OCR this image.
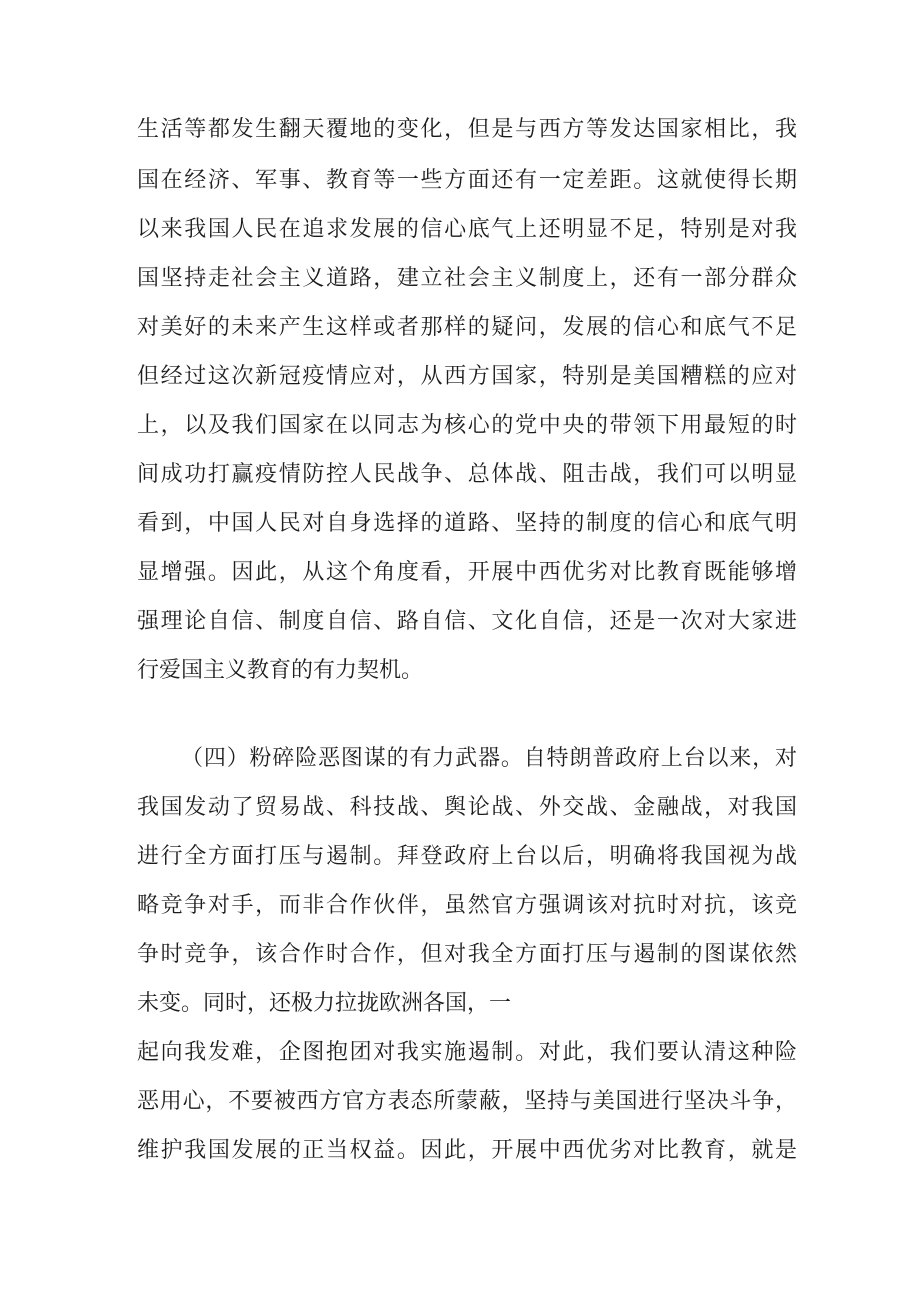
生活等都发生翻天覆地的变化，但是与西方等发达国家相比，我
国在经济、军事、教育等一些方面还有一定差距。这就使得长期
以来我国人民在追求发展的信心底气上还明显不足，特别是对我
国坚持走社会主义道路，建立社会主义制度上，还有一部分群众
对美好的未来产生这样或者那样的疑问，发展的信心和底气不足
但经过这次新冠疫情应对，从西方国家，特别是美国糟糕的应对
上，以及我们国家在以同志为核心的党中央的带领下用最短的时
间成功打赢疫情防控人民战争、总体战、阻击战，我们可以明显
看到，中国人民对自身选择的道路、坚持的制度的信心和底气明
显增强。因此，从这个角度看，开展中西优劣对比教育既能够增
强理论自信、制度自信、路自信、文化自信，还是一次对大家进
行爱国主义教育的有力契机。
（四）粉碎险恶图谋的有力武器。自特朗普政府上台以来，对
我国发动了贸易战、科技战、舆论战、外交战、金融战，对我国
进行全方面打压与遏制。拜登政府上台以后，明确将我国视为战
略竞争对手，而非合作伙伴，虽然官方强调该对抗时对抗，该竞
争时竞争，该合作时合作，但对我全方面打压与遏制的图谋依然
未变。同时，还极力拉拢欧洲各国，一
起向我发难，企图抱团对我实施遏制。对此，我们要认清这种险
恶用心，不要被西方官方表态所蒙蔽，坚持与美国进行坚决斗争，
维护我国发展的正当权益。因此，开展中西优劣对比教育，就是
